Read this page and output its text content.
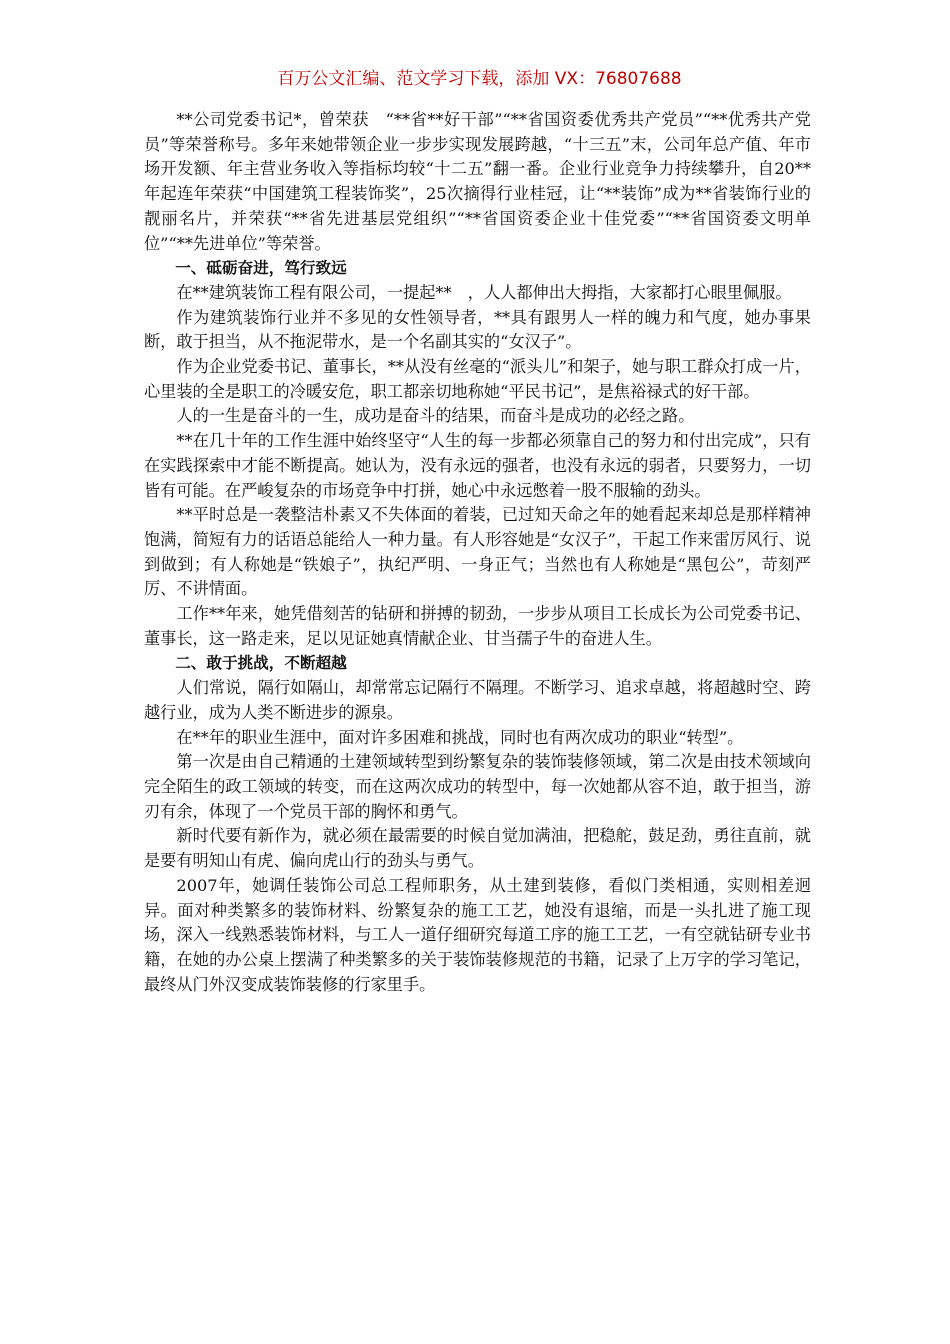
百万公文汇编、范文学习下载，添加 VX：76807688

**公司党委书记*，曾荣获　“**省**好干部”“**省国资委优秀共产党员”“**优秀共产党员”等荣誉称号。多年来她带领企业一步步实现发展跨越，“十三五”末，公司年总产值、年市场开发额、年主营业务收入等指标均较“十二五”翻一番。企业行业竞争力持续攀升，自20**年起连年荣获“中国建筑工程装饰奖”，25次摘得行业桂冠，让“**装饰”成为**省装饰行业的靓丽名片，并荣获“**省先进基层党组织”“**省国资委企业十佳党委”“**省国资委文明单位”“**先进单位”等荣誉。

一、砥砺奋进，笃行致远

在**建筑装饰工程有限公司，一提起**　，人人都伸出大拇指，大家都打心眼里佩服。

作为建筑装饰行业并不多见的女性领导者，**具有跟男人一样的魄力和气度，她办事果断，敢于担当，从不拖泥带水，是一个名副其实的“女汉子”。

作为企业党委书记、董事长，**从没有丝毫的“派头儿”和架子，她与职工群众打成一片，心里装的全是职工的冷暖安危，职工都亲切地称她“平民书记”，是焦裕禄式的好干部。

人的一生是奋斗的一生，成功是奋斗的结果，而奋斗是成功的必经之路。

**在几十年的工作生涯中始终坚守“人生的每一步都必须靠自己的努力和付出完成”，只有在实践探索中才能不断提高。她认为，没有永远的强者，也没有永远的弱者，只要努力，一切皆有可能。在严峻复杂的市场竞争中打拼，她心中永远憋着一股不服输的劲头。

**平时总是一袭整洁朴素又不失体面的着装，已过知天命之年的她看起来却总是那样精神饱满，简短有力的话语总能给人一种力量。有人形容她是“女汉子”，干起工作来雷厉风行、说到做到；有人称她是“铁娘子”，执纪严明、一身正气；当然也有人称她是“黑包公”，苛刻严厉、不讲情面。

工作**年来，她凭借刻苦的钻研和拼搏的韧劲，一步步从项目工长成长为公司党委书记、董事长，这一路走来，足以见证她真情献企业、甘当孺子牛的奋进人生。

二、敢于挑战，不断超越

人们常说，隔行如隔山，却常常忘记隔行不隔理。不断学习、追求卓越，将超越时空、跨越行业，成为人类不断进步的源泉。

在**年的职业生涯中，面对许多困难和挑战，同时也有两次成功的职业“转型”。

第一次是由自己精通的土建领域转型到纷繁复杂的装饰装修领域，第二次是由技术领域向完全陌生的政工领域的转变，而在这两次成功的转型中，每一次她都从容不迫，敢于担当，游刃有余，体现了一个党员干部的胸怀和勇气。

新时代要有新作为，就必须在最需要的时候自觉加满油，把稳舵，鼓足劲，勇往直前，就是要有明知山有虎、偏向虎山行的劲头与勇气。

2007年，她调任装饰公司总工程师职务，从土建到装修，看似门类相通，实则相差迥异。面对种类繁多的装饰材料、纷繁复杂的施工工艺，她没有退缩，而是一头扎进了施工现场，深入一线熟悉装饰材料，与工人一道仔细研究每道工序的施工工艺，一有空就钻研专业书籍，在她的办公桌上摆满了种类繁多的关于装饰装修规范的书籍，记录了上万字的学习笔记，最终从门外汉变成装饰装修的行家里手。
